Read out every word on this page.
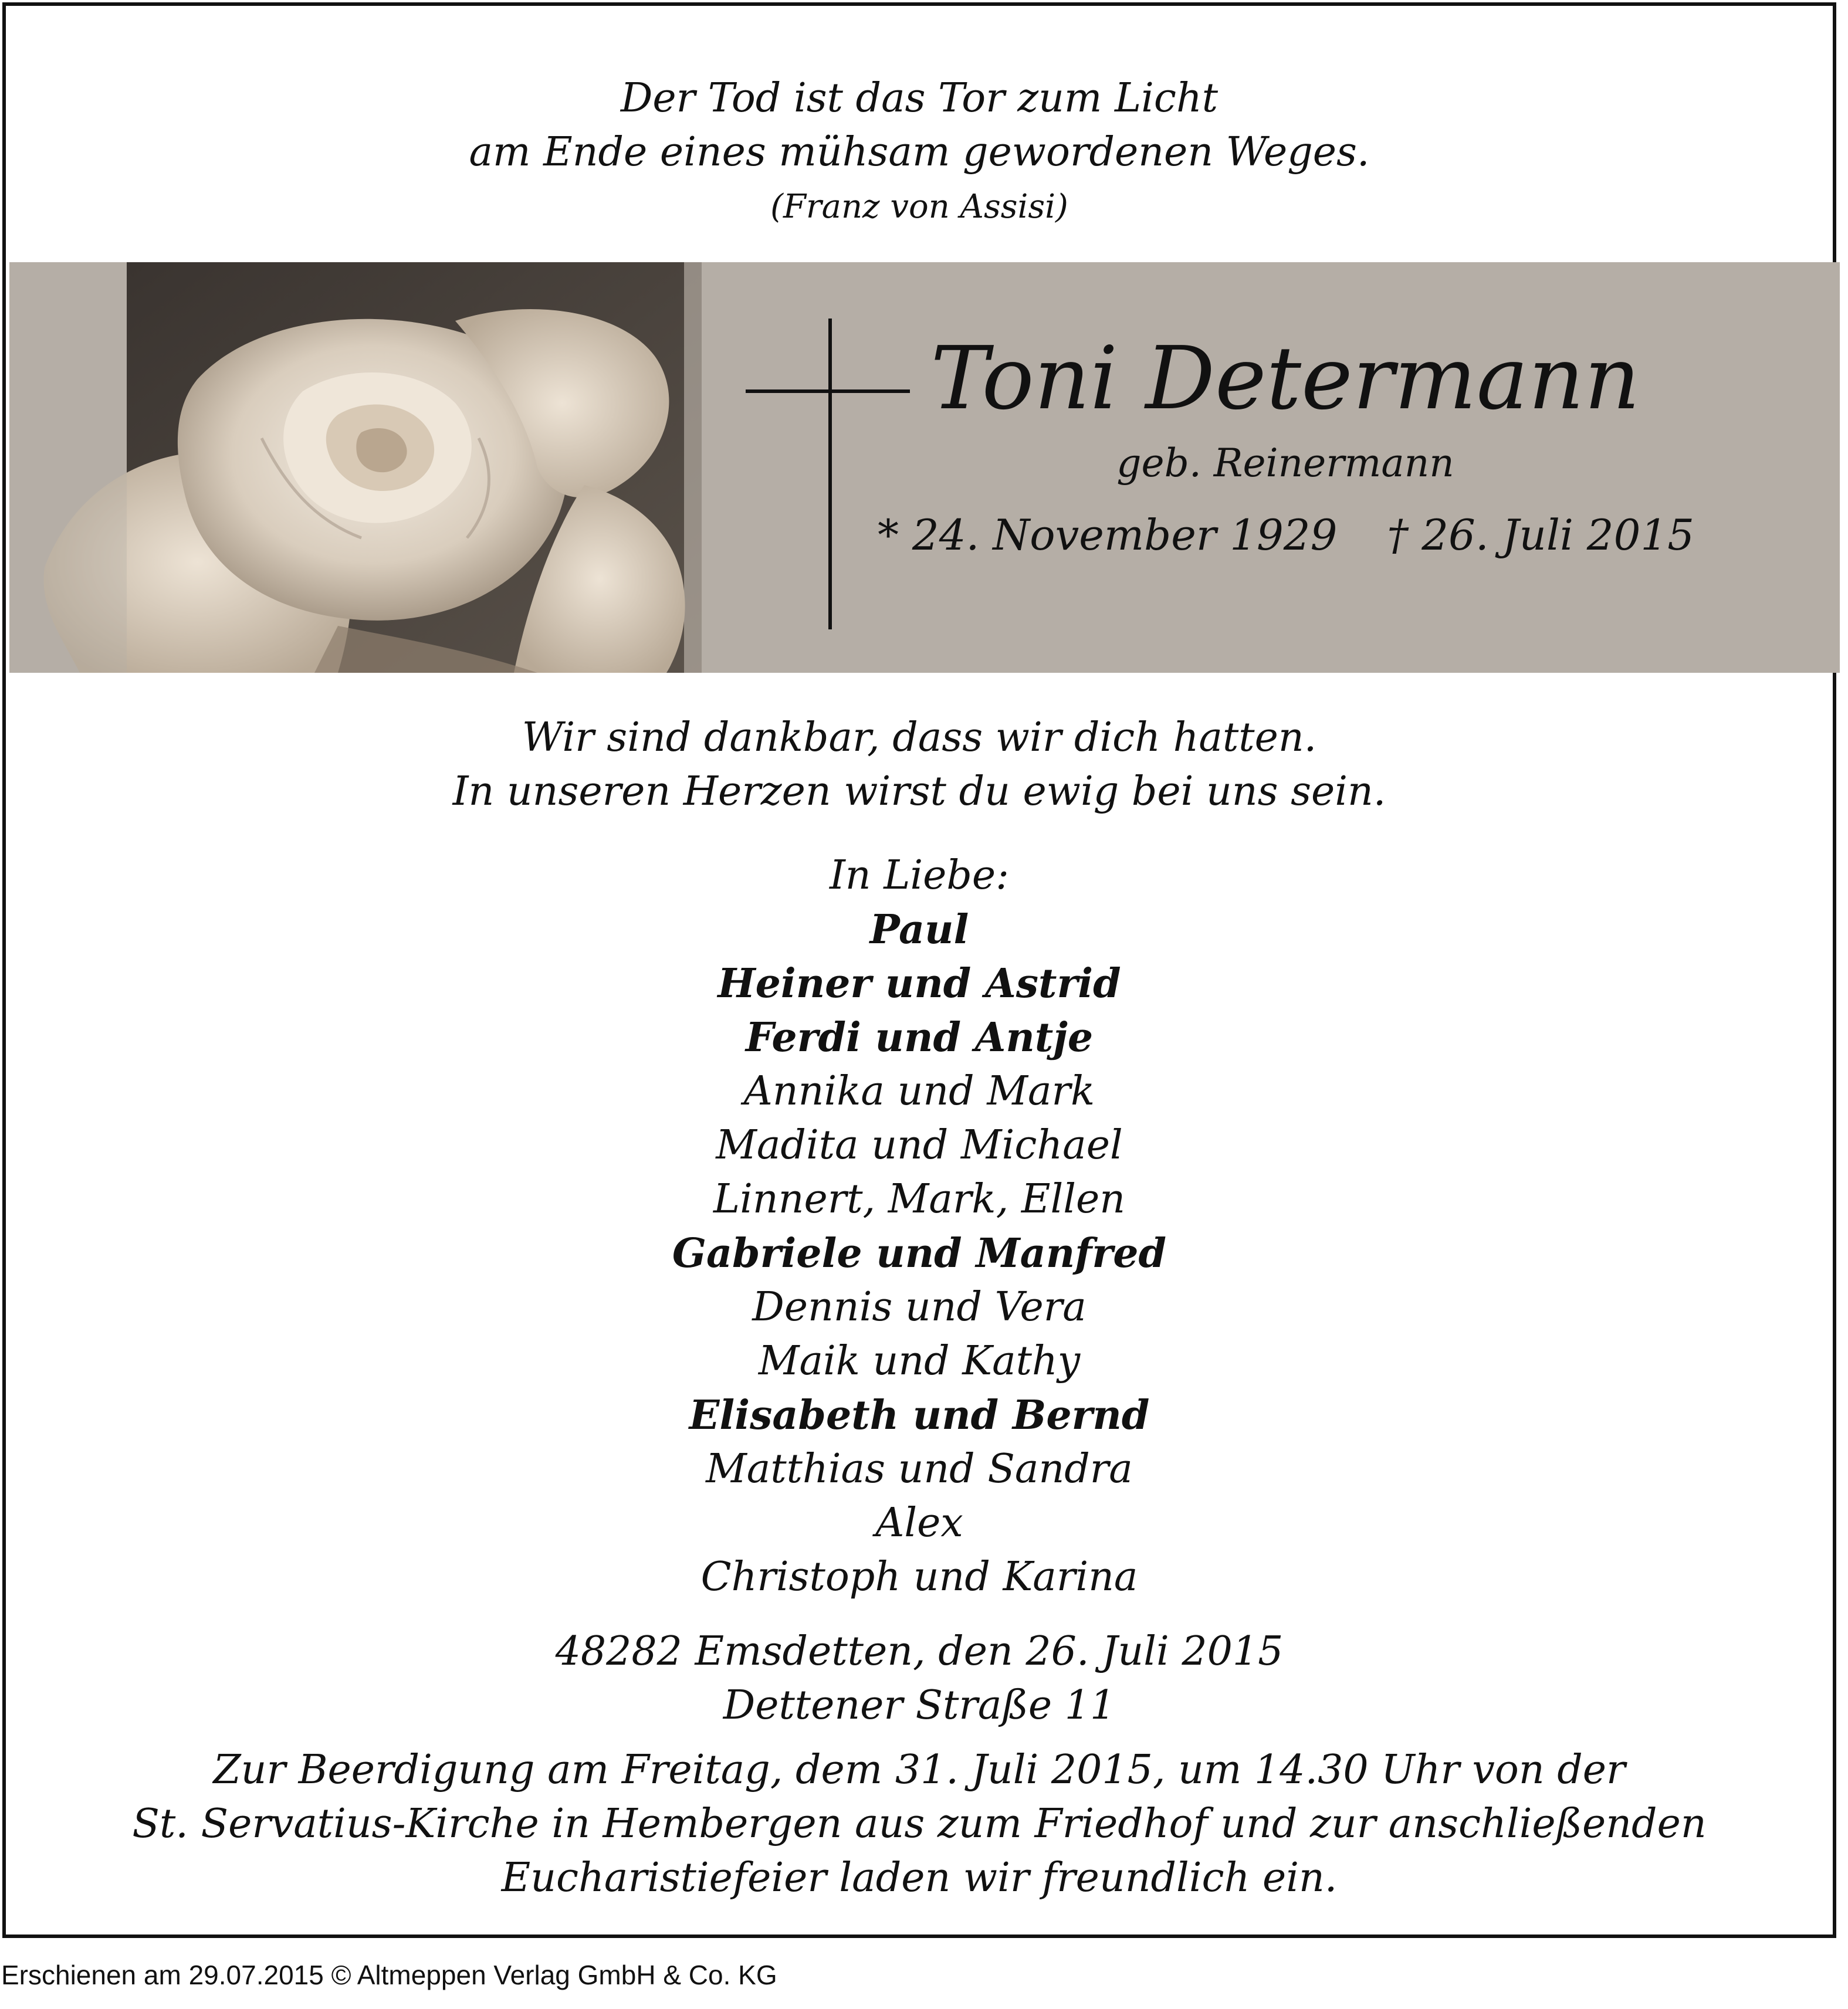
Der Tod ist das Tor zum Licht
am Ende eines mühsam gewordenen Weges.
(Franz von Assisi)
Toni Determann
geb. Reinermann
* 24. November 1929 † 26. Juli 2015
Wir sind dankbar, dass wir dich hatten.
In unseren Herzen wirst du ewig bei uns sein.
In Liebe:
Paul
Heiner und Astrid
Ferdi und Antje
Annika und Mark
Madita und Michael
Linnert, Mark, Ellen
Gabriele und Manfred
Dennis und Vera
Maik und Kathy
Elisabeth und Bernd
Matthias und Sandra
Alex
Christoph und Karina
48282 Emsdetten, den 26. Juli 2015
Dettener Straße 11
Zur Beerdigung am Freitag, dem 31. Juli 2015, um 14.30 Uhr von der
St. Servatius-Kirche in Hembergen aus zum Friedhof und zur anschließenden
Eucharistiefeier laden wir freundlich ein.
Erschienen am 29.07.2015 © Altmeppen Verlag GmbH & Co. KG
